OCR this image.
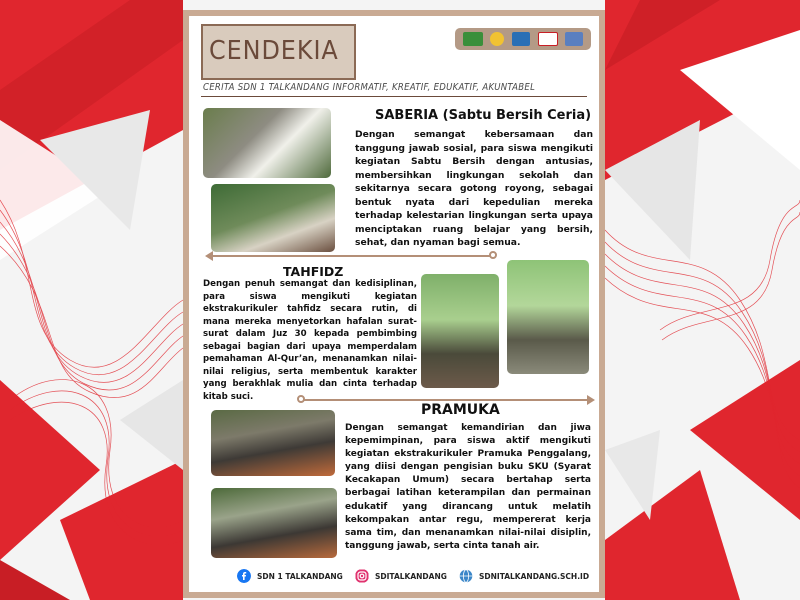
CENDEKIA
CERITA SDN 1 TALKANDANG INFORMATIF, KREATIF, EDUKATIF, AKUNTABEL
SABERIA (Sabtu Bersih Ceria)
Dengan semangat kebersamaan dan tanggung jawab sosial, para siswa mengikuti kegiatan Sabtu Bersih dengan antusias, membersihkan lingkungan sekolah dan sekitarnya secara gotong royong, sebagai bentuk nyata dari kepedulian mereka terhadap kelestarian lingkungan serta upaya menciptakan ruang belajar yang bersih, sehat, dan nyaman bagi semua.
TAHFIDZ
Dengan penuh semangat dan kedisiplinan, para siswa mengikuti kegiatan ekstrakurikuler tahfidz secara rutin, di mana mereka menyetorkan hafalan surat-surat dalam Juz 30 kepada pembimbing sebagai bagian dari upaya memperdalam pemahaman Al-Qur’an, menanamkan nilai-nilai religius, serta membentuk karakter yang berakhlak mulia dan cinta terhadap kitab suci.
PRAMUKA
Dengan semangat kemandirian dan jiwa kepemimpinan, para siswa aktif mengikuti kegiatan ekstrakurikuler Pramuka Penggalang, yang diisi dengan pengisian buku SKU (Syarat Kecakapan Umum) secara bertahap serta berbagai latihan keterampilan dan permainan edukatif yang dirancang untuk melatih kekompakan antar regu, mempererat kerja sama tim, dan menanamkan nilai-nilai disiplin, tanggung jawab, serta cinta tanah air.
SDN 1 TALKANDANG	SDITALKANDANG	SDNITALKANDANG.SCH.ID
